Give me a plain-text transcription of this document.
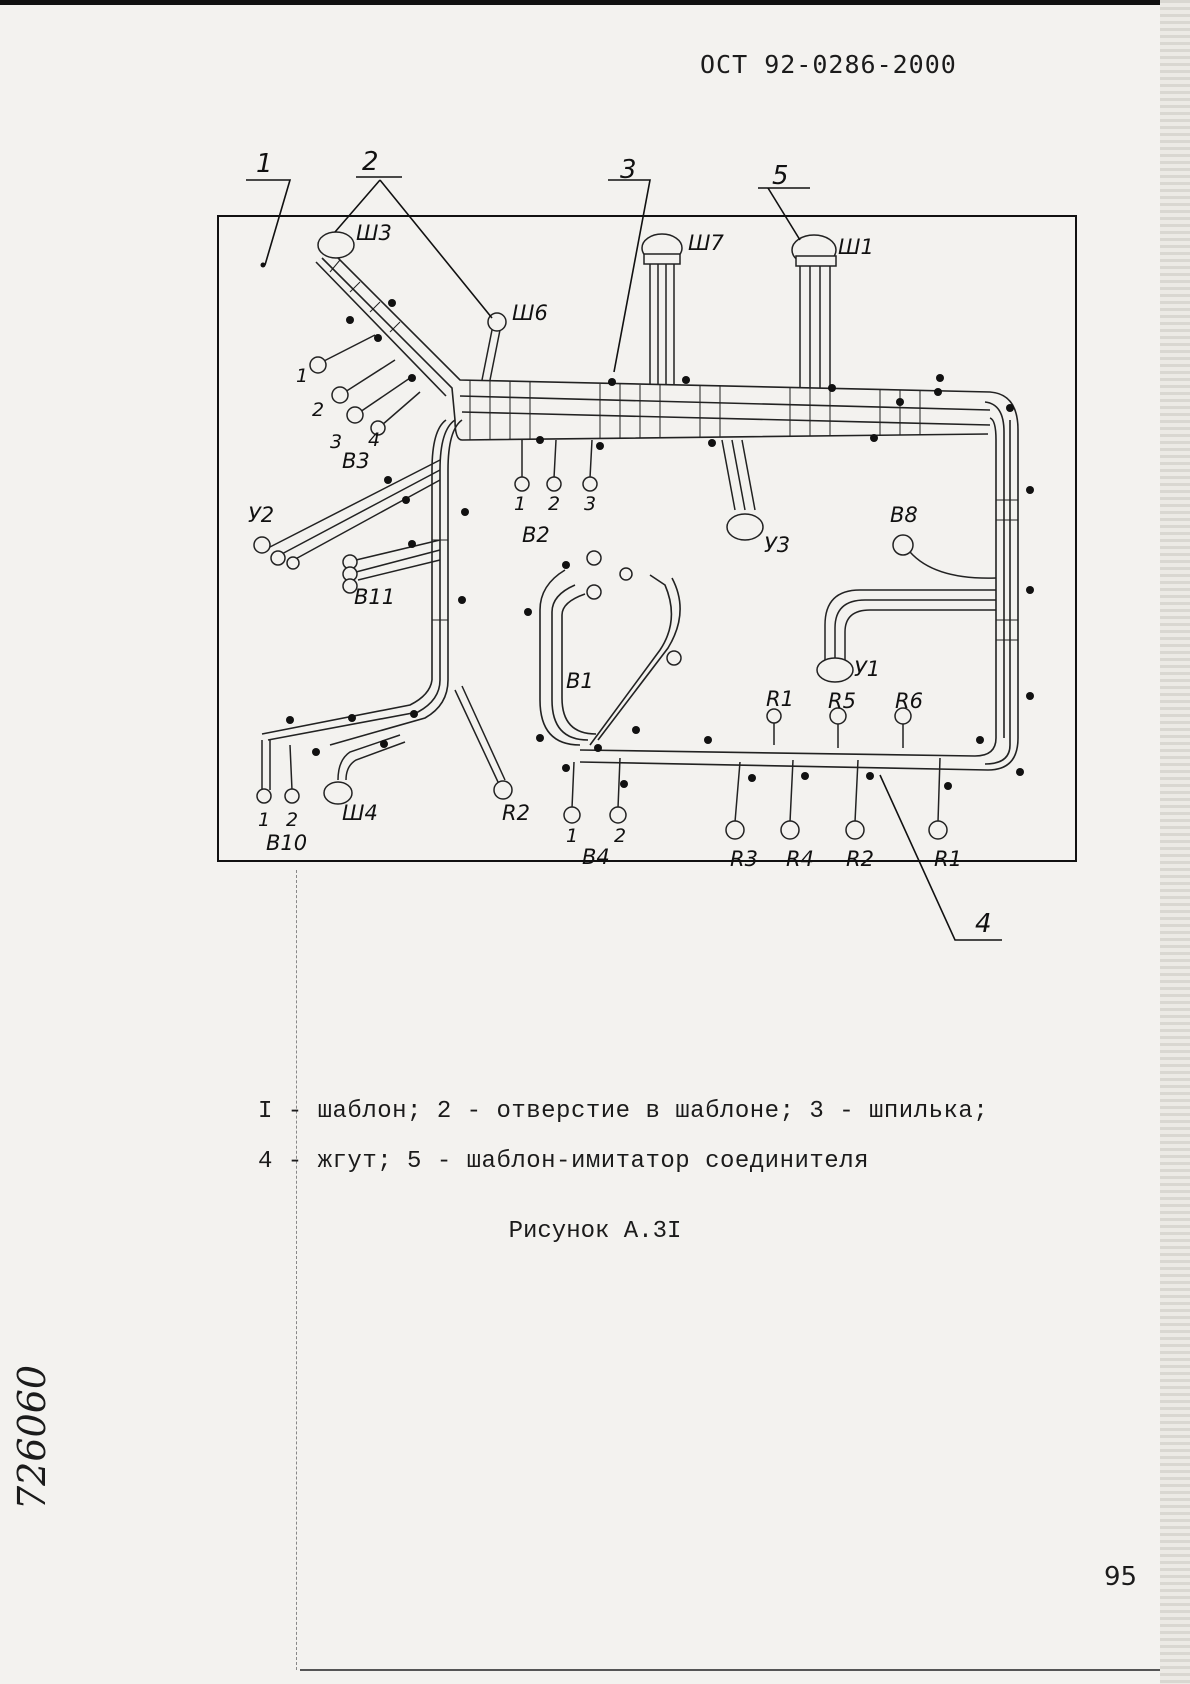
ОСТ 92-0286-2000
1	2	3	5
4
Ш3
Ш6
Ш7	Ш1
Ш4
У2
У3
У1
В3
В2
В11
В8
В1
В10
В4
R2
R1 R5 R6
R3 R4 R2	R1
1
2
3 4
1 2 3
1 2
1 2
I - шаблон; 2 - отверстие в шаблоне; 3 - шпилька;
4 - жгут; 5 - шаблон-имитатор соединителя
Рисунок А.3I
95
726060
